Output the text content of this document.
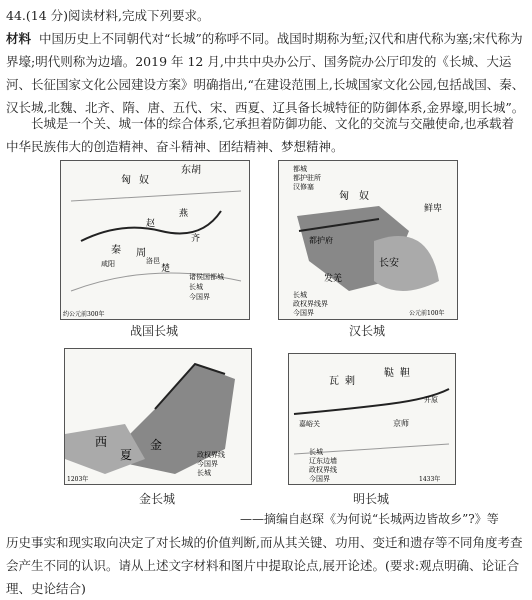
44.(14 分)阅读材料,完成下列要求。

材料 中国历史上不同朝代对“长城”的称呼不同。战国时期称为堑;汉代和唐代称为塞;宋代称为界壕;明代则称为边墙。2019 年 12 月,中共中央办公厅、国务院办公厅印发的《长城、大运河、长征国家文化公园建设方案》明确指出,“在建设范围上,长城国家文化公园,包括战国、秦、汉长城,北魏、北齐、隋、唐、五代、宋、西夏、辽具备长城特征的防御体系,金界壕,明长城”。

  长城是一个关、城一体的综合体系,它承担着防御功能、文化的交流与交融使命,也承载着中华民族伟大的创造精神、奋斗精神、团结精神、梦想精神。

匈 奴
东胡
秦 周
赵
燕
齐
楚
咸阳	洛邑
诸侯国都城
长城
今国界
约公元前300年
战国长城
匈 奴
都护府
长安
鲜卑
发羌
都城
都护驻所
汉修塞
长城
政权界线界
今国界	公元前100年
汉长城
西
夏
金
政权界线
今国界
长城
1203年
金长城
瓦 剌
鞑 靼
嘉峪关	京师
开原
长城
辽东边墙
政权界线
今国界	1433年
明长城

——摘编自赵琛《为何说“长城两边皆故乡”?》等

历史事实和现实取向决定了对长城的价值判断,而从其关键、功用、变迁和遗存等不同角度考查会产生不同的认识。请从上述文字材料和图片中提取论点,展开论述。(要求:观点明确、论证合理、史论结合)
